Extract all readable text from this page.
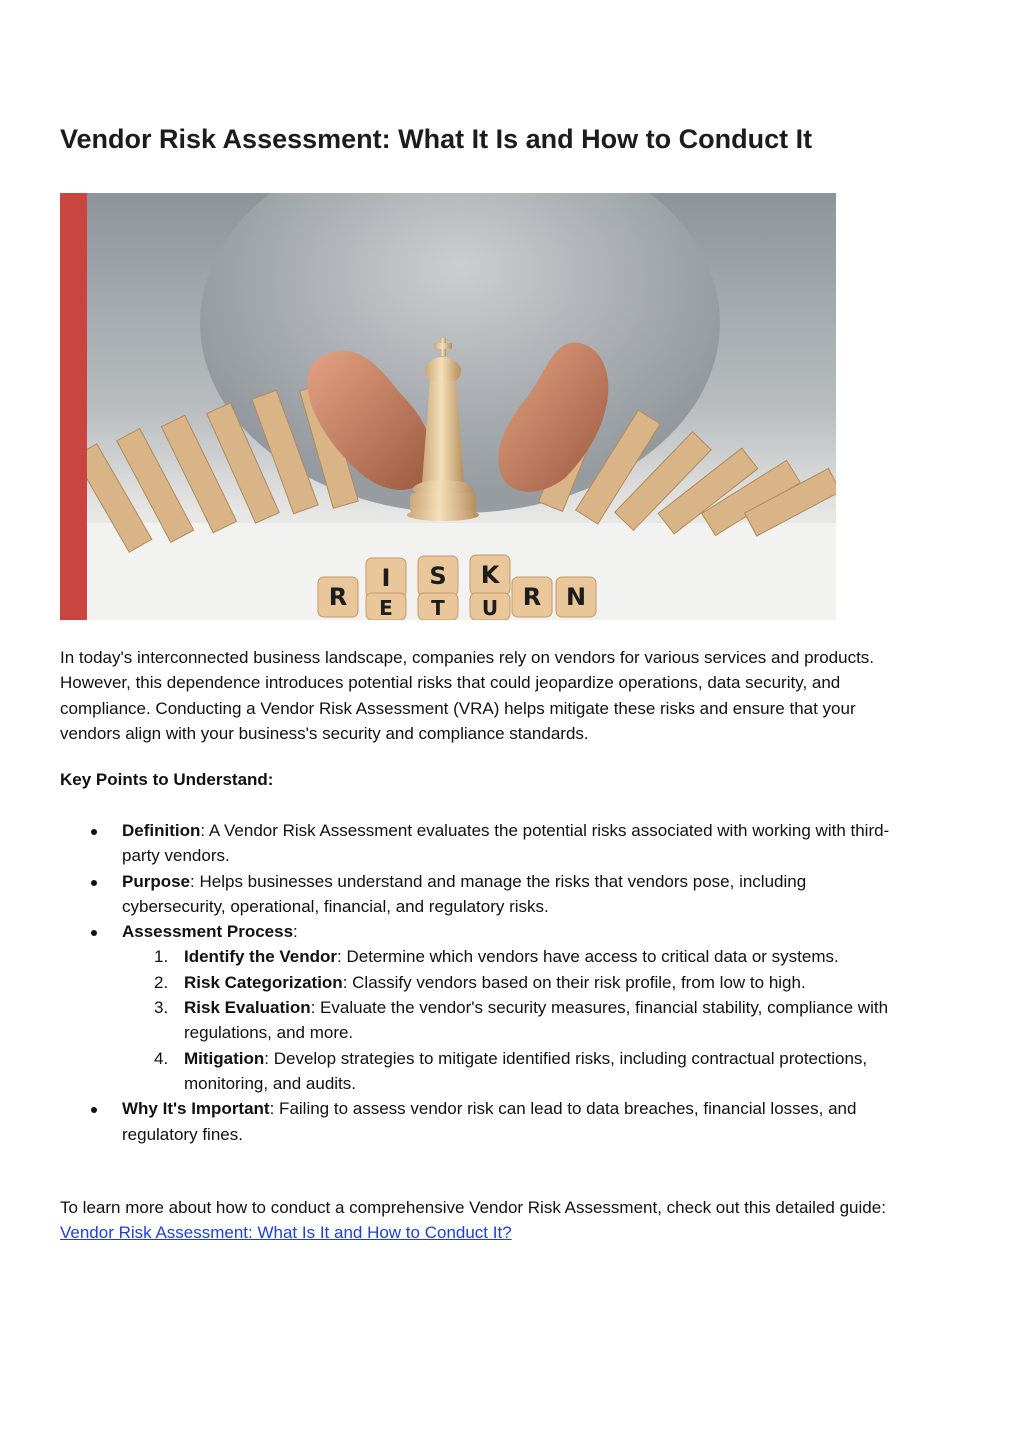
Vendor Risk Assessment: What It Is and How to Conduct It
I S K
R E T U R N

In today's interconnected business landscape, companies rely on vendors for various services and products. However, this dependence introduces potential risks that could jeopardize operations, data security, and compliance. Conducting a Vendor Risk Assessment (VRA) helps mitigate these risks and ensure that your vendors align with your business's security and compliance standards.

Key Points to Understand:

Definition: A Vendor Risk Assessment evaluates the potential risks associated with working with third-party vendors.
Purpose: Helps businesses understand and manage the risks that vendors pose, including cybersecurity, operational, financial, and regulatory risks.
Assessment Process:
1. Identify the Vendor: Determine which vendors have access to critical data or systems.
2. Risk Categorization: Classify vendors based on their risk profile, from low to high.
3. Risk Evaluation: Evaluate the vendor's security measures, financial stability, compliance with regulations, and more.
4. Mitigation: Develop strategies to mitigate identified risks, including contractual protections, monitoring, and audits.
Why It's Important: Failing to assess vendor risk can lead to data breaches, financial losses, and regulatory fines.

To learn more about how to conduct a comprehensive Vendor Risk Assessment, check out this detailed guide: Vendor Risk Assessment: What Is It and How to Conduct It?
